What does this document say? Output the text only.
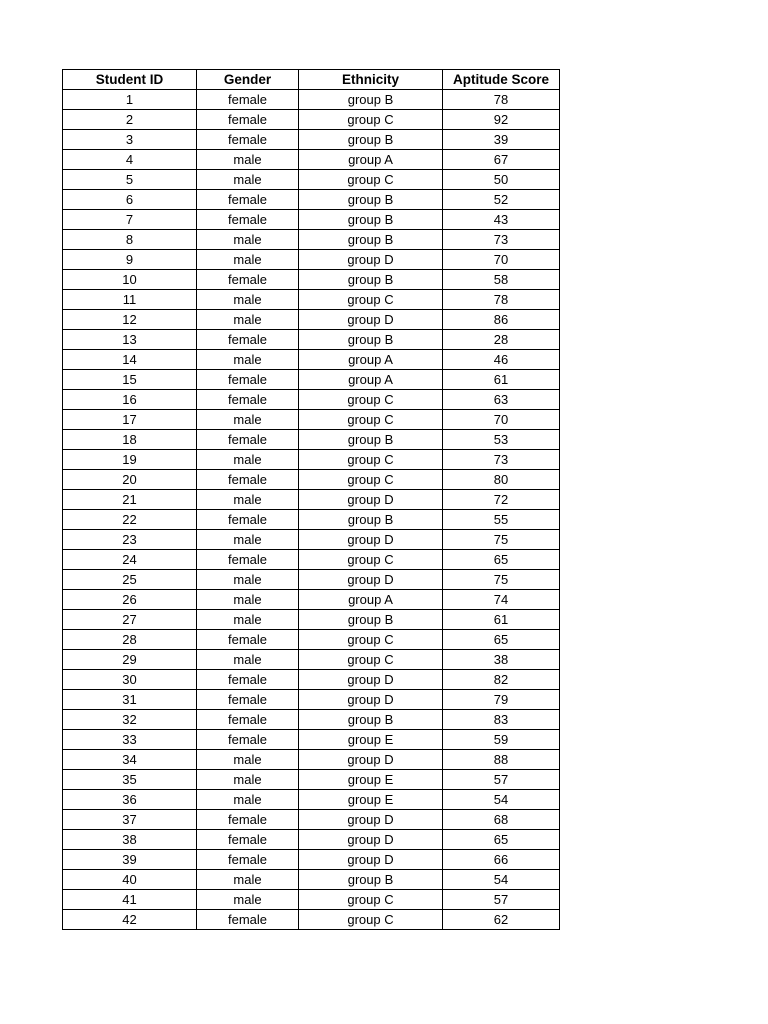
Student ID	Gender	Ethnicity	Aptitude Score
1	female	group B	78
2	female	group C	92
3	female	group B	39
4	male	group A	67
5	male	group C	50
6	female	group B	52
7	female	group B	43
8	male	group B	73
9	male	group D	70
10	female	group B	58
11	male	group C	78
12	male	group D	86
13	female	group B	28
14	male	group A	46
15	female	group A	61
16	female	group C	63
17	male	group C	70
18	female	group B	53
19	male	group C	73
20	female	group C	80
21	male	group D	72
22	female	group B	55
23	male	group D	75
24	female	group C	65
25	male	group D	75
26	male	group A	74
27	male	group B	61
28	female	group C	65
29	male	group C	38
30	female	group D	82
31	female	group D	79
32	female	group B	83
33	female	group E	59
34	male	group D	88
35	male	group E	57
36	male	group E	54
37	female	group D	68
38	female	group D	65
39	female	group D	66
40	male	group B	54
41	male	group C	57
42	female	group C	62
